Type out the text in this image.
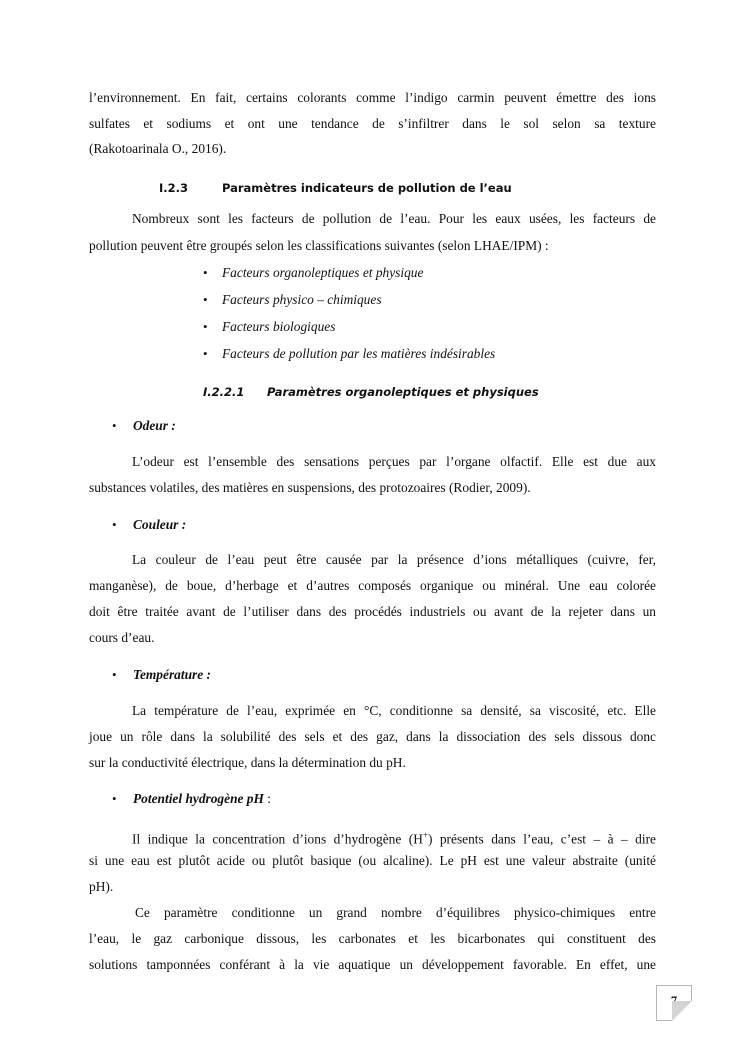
l’environnement. En fait, certains colorants comme l’indigo carmin peuvent émettre des ions
sulfates et sodiums et ont une tendance de s’infiltrer dans le sol selon sa texture
(Rakotoarinala O., 2016).
I.2.3	Paramètres indicateurs de pollution de l’eau
Nombreux sont les facteurs de pollution de l’eau. Pour les eaux usées, les facteurs de
pollution peuvent être groupés selon les classifications suivantes (selon LHAE/IPM) :
• Facteurs organoleptiques et physique
• Facteurs physico – chimiques
• Facteurs biologiques
• Facteurs de pollution par les matières indésirables
I.2.2.1	Paramètres organoleptiques et physiques
• Odeur :
L’odeur est l’ensemble des sensations perçues par l’organe olfactif. Elle est due aux
substances volatiles, des matières en suspensions, des protozoaires (Rodier, 2009).
• Couleur :
La couleur de l’eau peut être causée par la présence d’ions métalliques (cuivre, fer,
manganèse), de boue, d’herbage et d’autres composés organique ou minéral. Une eau colorée
doit être traitée avant de l’utiliser dans des procédés industriels ou avant de la rejeter dans un
cours d’eau.
• Température :
La température de l’eau, exprimée en °C, conditionne sa densité, sa viscosité, etc. Elle
joue un rôle dans la solubilité des sels et des gaz, dans la dissociation des sels dissous donc
sur la conductivité électrique, dans la détermination du pH.
• Potentiel hydrogène pH :
Il indique la concentration d’ions d’hydrogène (H+) présents dans l’eau, c’est – à – dire
si une eau est plutôt acide ou plutôt basique (ou alcaline). Le pH est une valeur abstraite (unité
pH).
Ce paramètre conditionne un grand nombre d’équilibres physico-chimiques entre
l’eau, le gaz carbonique dissous, les carbonates et les bicarbonates qui constituent des
solutions tamponnées conférant à la vie aquatique un développement favorable. En effet, une
7
